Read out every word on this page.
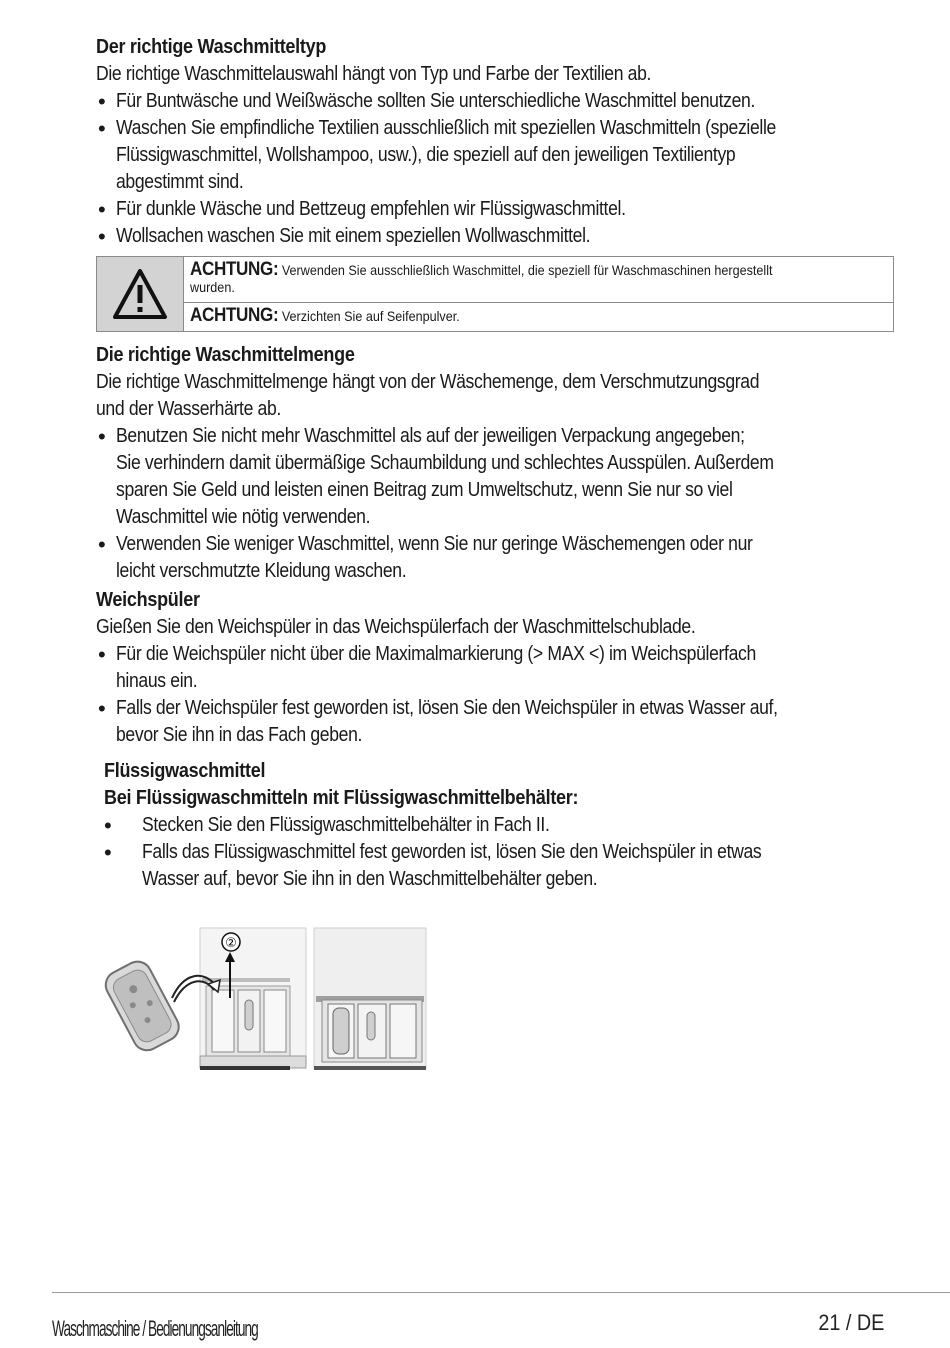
Der richtige Waschmitteltyp

Die richtige Waschmittelauswahl hängt von Typ und Farbe der Textilien ab.

• Für Buntwäsche und Weißwäsche sollten Sie unterschiedliche Waschmittel benutzen.
• Waschen Sie empfindliche Textilien ausschließlich mit speziellen Waschmitteln (spezielle
Flüssigwaschmittel, Wollshampoo, usw.), die speziell auf den jeweiligen Textilientyp
abgestimmt sind.
• Für dunkle Wäsche und Bettzeug empfehlen wir Flüssigwaschmittel.
• Wollsachen waschen Sie mit einem speziellen Wollwaschmittel.
ACHTUNG: Verwenden Sie ausschließlich Waschmittel, die speziell für Waschmaschinen hergestellt
wurden.
ACHTUNG: Verzichten Sie auf Seifenpulver.

Die richtige Waschmittelmenge

Die richtige Waschmittelmenge hängt von der Wäschemenge, dem Verschmutzungsgrad

und der Wasserhärte ab.

• Benutzen Sie nicht mehr Waschmittel als auf der jeweiligen Verpackung angegeben;
Sie verhindern damit übermäßige Schaumbildung und schlechtes Ausspülen. Außerdem
sparen Sie Geld und leisten einen Beitrag zum Umweltschutz, wenn Sie nur so viel
Waschmittel wie nötig verwenden.
• Verwenden Sie weniger Waschmittel, wenn Sie nur geringe Wäschemengen oder nur
leicht verschmutzte Kleidung waschen.

Weichspüler

Gießen Sie den Weichspüler in das Weichspülerfach der Waschmittelschublade.

• Für die Weichspüler nicht über die Maximalmarkierung (> MAX <) im Weichspülerfach
hinaus ein.
• Falls der Weichspüler fest geworden ist, lösen Sie den Weichspüler in etwas Wasser auf,
bevor Sie ihn in das Fach geben.

Flüssigwaschmittel

Bei Flüssigwaschmitteln mit Flüssigwaschmittelbehälter:

• Stecken Sie den Flüssigwaschmittelbehälter in Fach II.
• Falls das Flüssigwaschmittel fest geworden ist, lösen Sie den Weichspüler in etwas
Wasser auf, bevor Sie ihn in den Waschmittelbehälter geben.
②
Waschmaschine / Bedienungsanleitung	21 / DE
